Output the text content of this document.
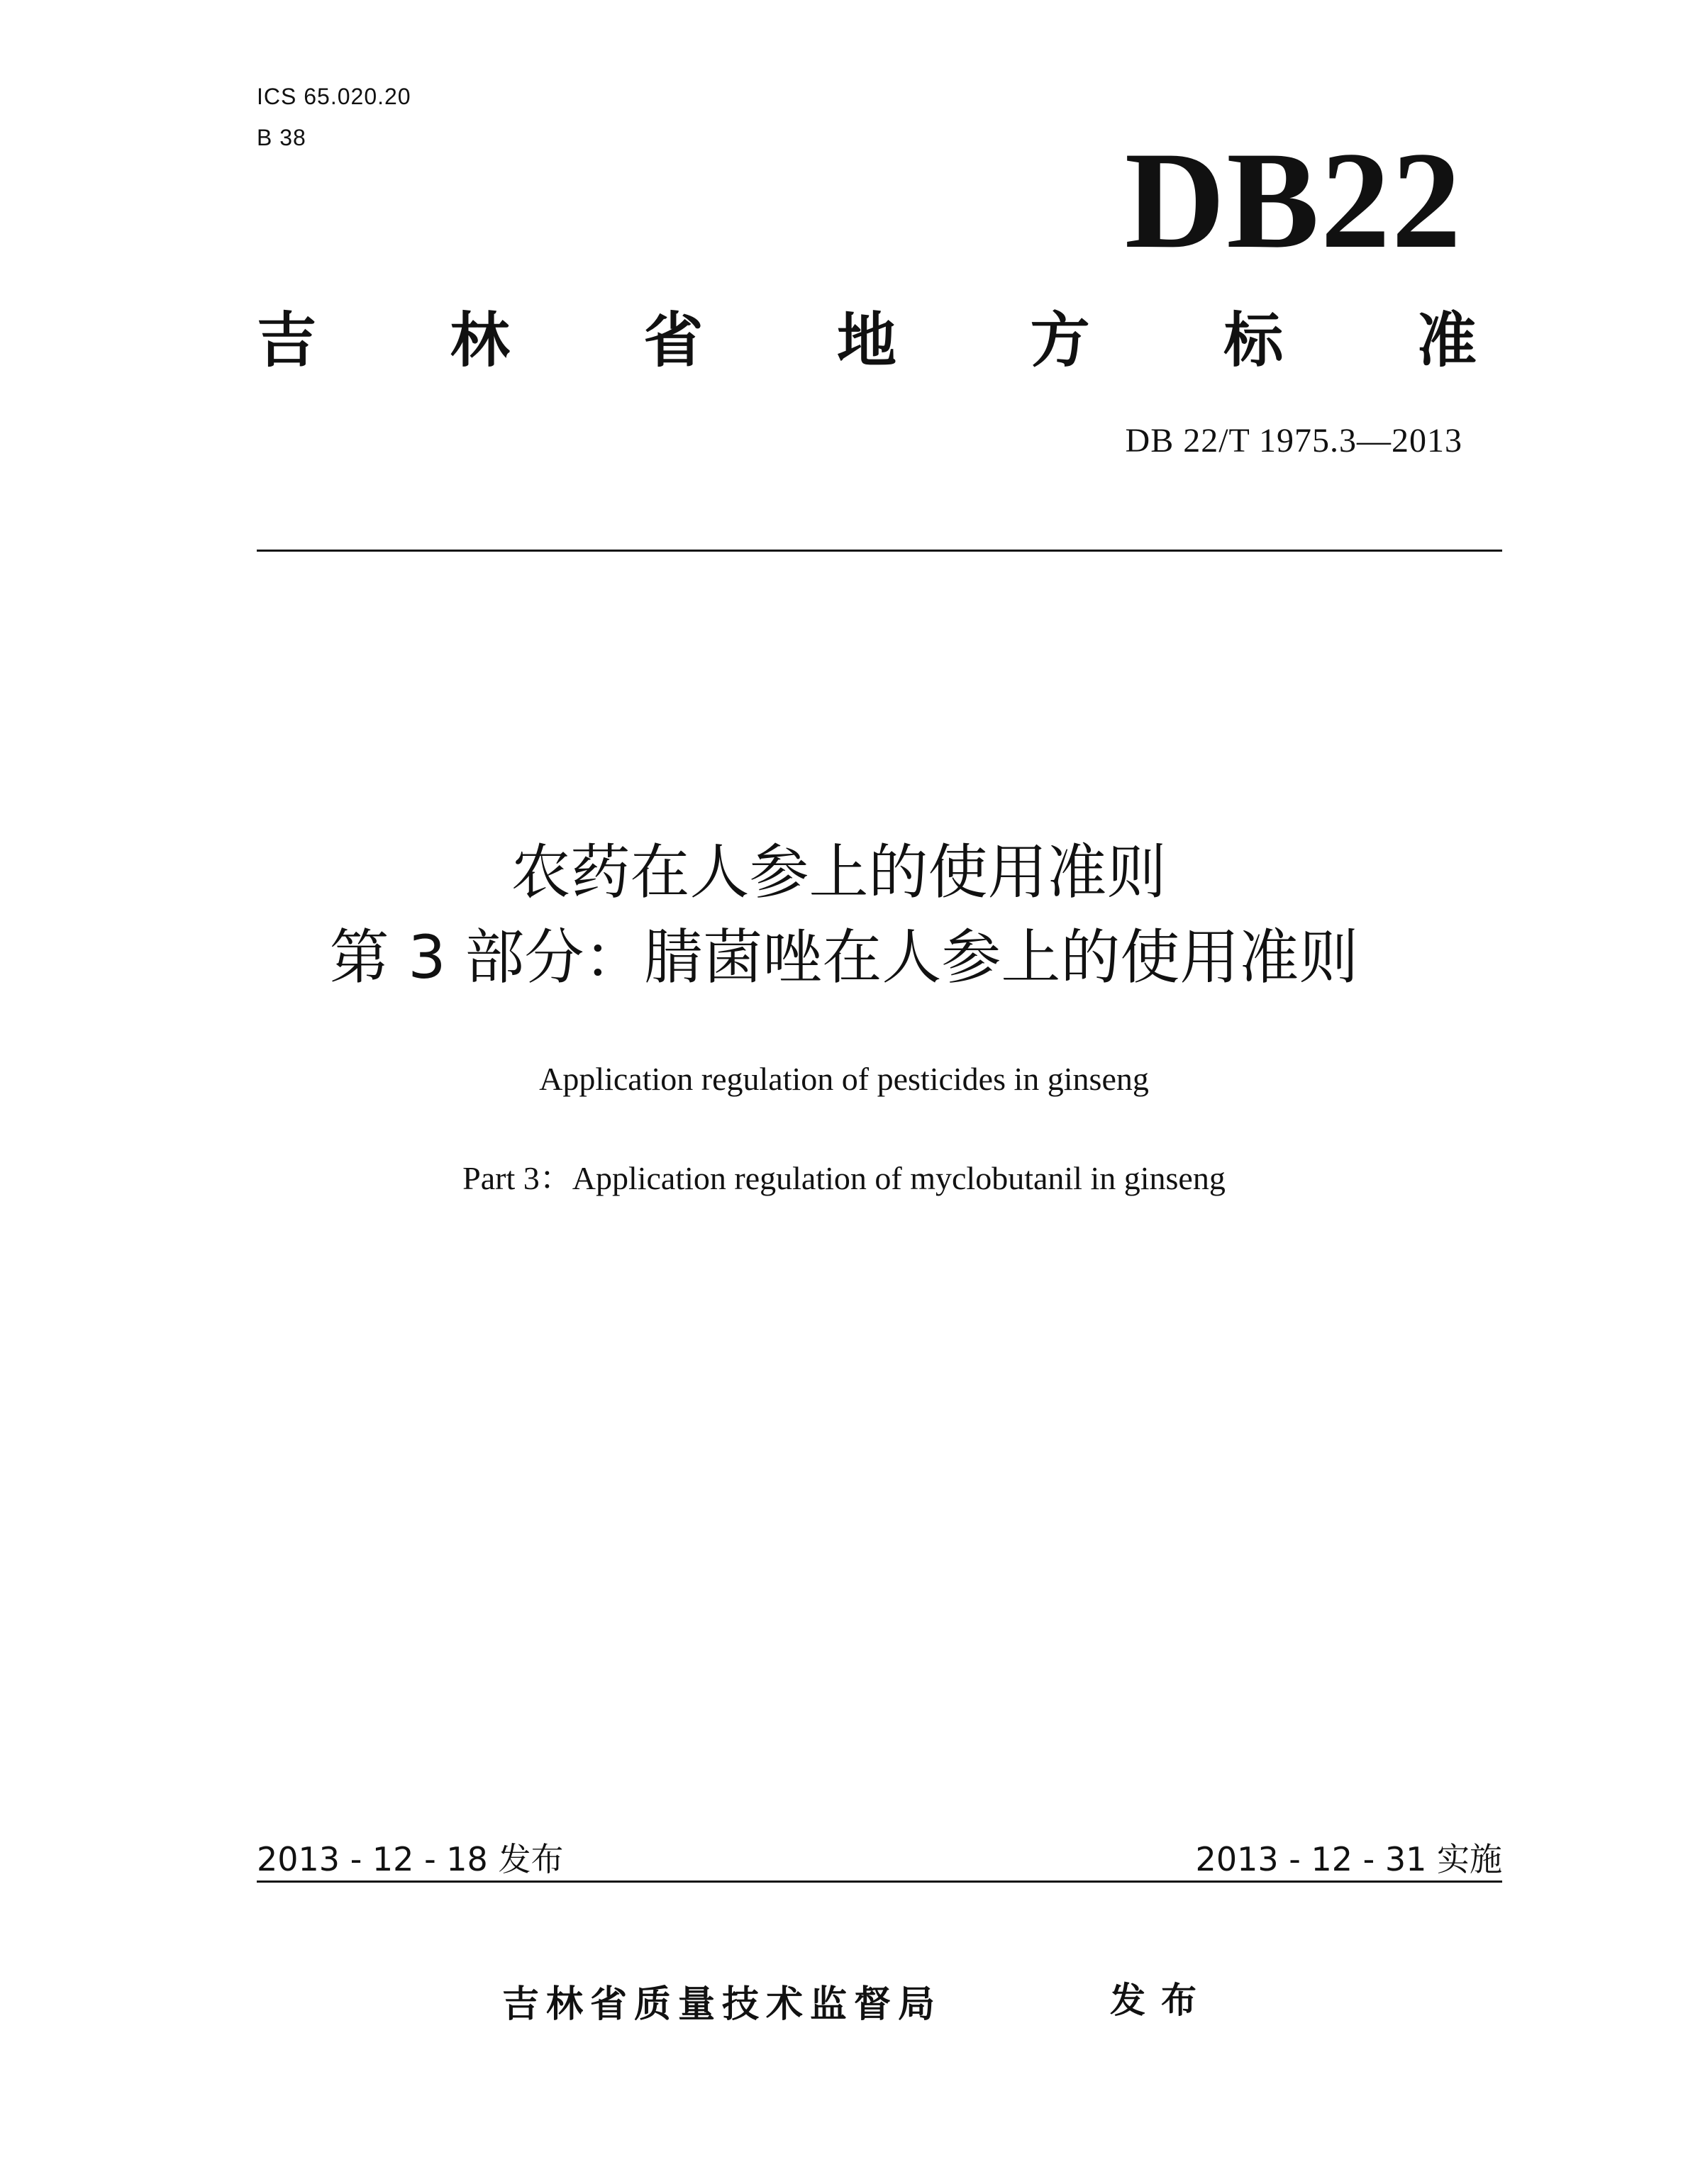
ICS 65.020.20
B 38	DB22
吉 林 省 地 方 标 准
DB 22/T 1975.3—2013
农药在人参上的使用准则
第 3 部分：腈菌唑在人参上的使用准则
Application regulation of pesticides in ginseng
Part 3：Application regulation of myclobutanil in ginseng
2013 - 12 - 18 发布	2013 - 12 - 31 实施
吉林省质量技术监督局	发布
